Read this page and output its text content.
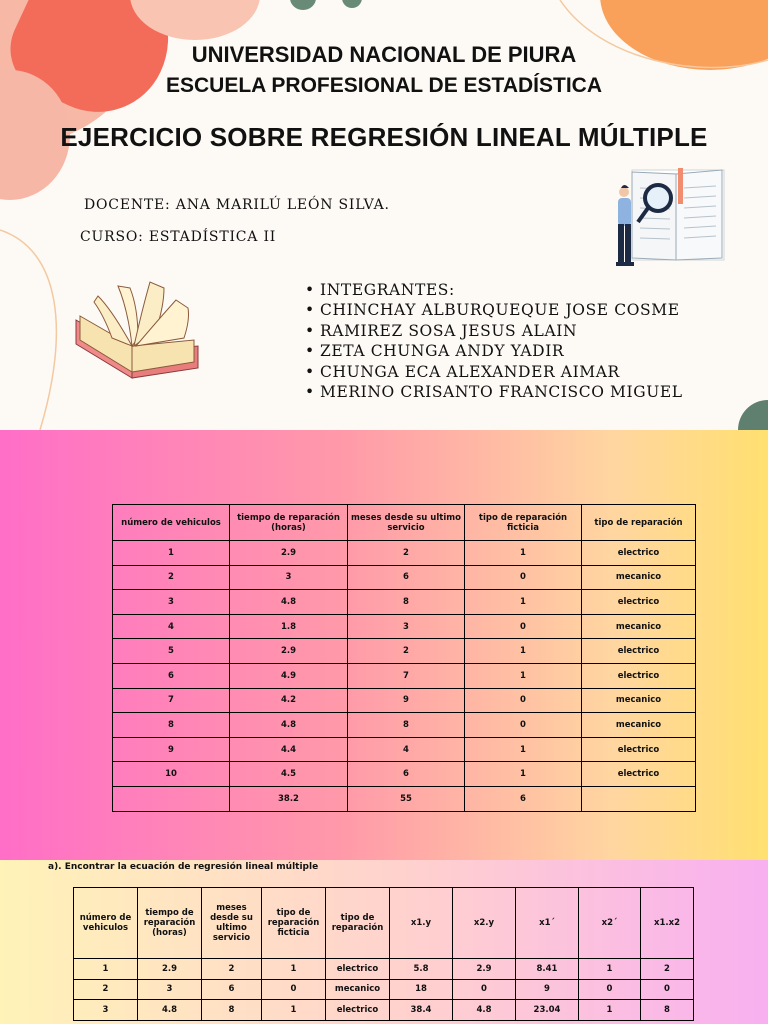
UNIVERSIDAD NACIONAL DE PIURA
ESCUELA PROFESIONAL DE ESTADÍSTICA
EJERCICIO SOBRE REGRESIÓN LINEAL MÚLTIPLE
DOCENTE: ANA MARILÚ LEÓN SILVA.
CURSO: ESTADÍSTICA II
• INTEGRANTES:
• CHINCHAY ALBURQUEQUE JOSE COSME
• RAMIREZ SOSA JESUS ALAIN
• ZETA CHUNGA ANDY YADIR
• CHUNGA ECA ALEXANDER AIMAR
• MERINO CRISANTO FRANCISCO MIGUEL
número de vehiculos	tiempo de reparación (horas)	meses desde su ultimo servicio	tipo de reparación ficticia	tipo de reparación
1	2.9	2	1	electrico
2	3	6	0	mecanico
3	4.8	8	1	electrico
4	1.8	3	0	mecanico
5	2.9	2	1	electrico
6	4.9	7	1	electrico
7	4.2	9	0	mecanico
8	4.8	8	0	mecanico
9	4.4	4	1	electrico
10	4.5	6	1	electrico
	38.2	55	6	
a). Encontrar la ecuación de regresión lineal múltiple
número de vehiculos	tiempo de reparación (horas)	meses desde su ultimo servicio	tipo de reparación ficticia	tipo de reparación	x1.y	x2.y	x1´	x2´	x1.x2
1	2.9	2	1	electrico	5.8	2.9	8.41	1	2
2	3	6	0	mecanico	18	0	9	0	0
3	4.8	8	1	electrico	38.4	4.8	23.04	1	8
